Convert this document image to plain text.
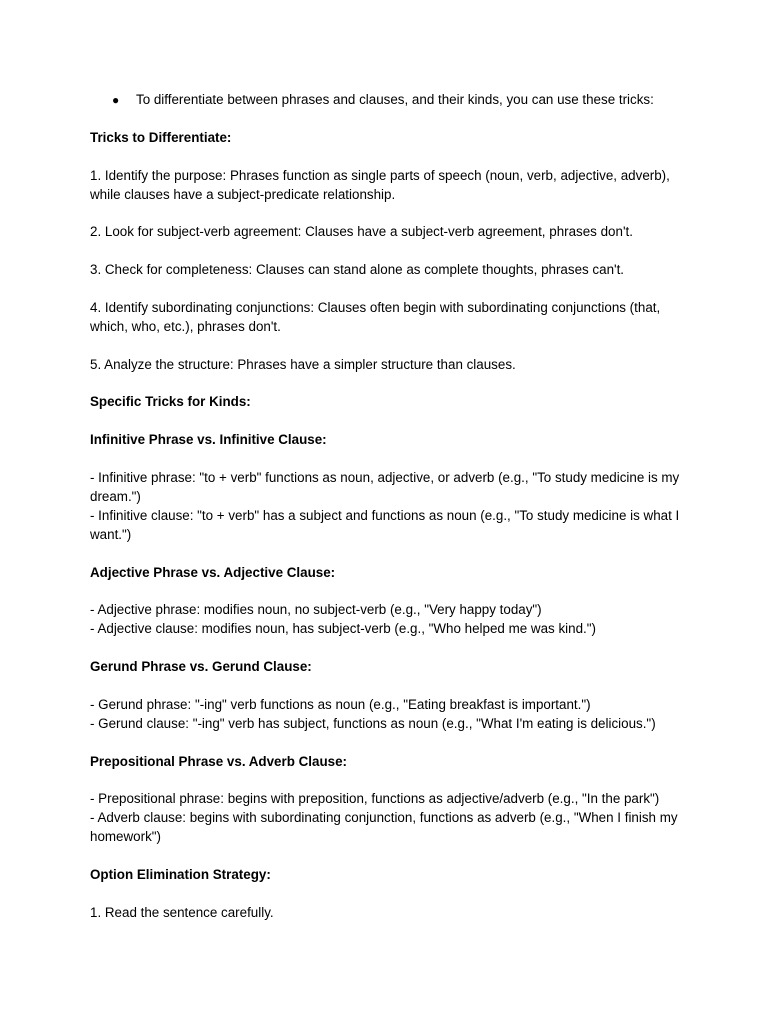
● To differentiate between phrases and clauses, and their kinds, you can use these tricks:

Tricks to Differentiate:

1. Identify the purpose: Phrases function as single parts of speech (noun, verb, adjective, adverb), while clauses have a subject-predicate relationship.

2. Look for subject-verb agreement: Clauses have a subject-verb agreement, phrases don't.

3. Check for completeness: Clauses can stand alone as complete thoughts, phrases can't.

4. Identify subordinating conjunctions: Clauses often begin with subordinating conjunctions (that, which, who, etc.), phrases don't.

5. Analyze the structure: Phrases have a simpler structure than clauses.

Specific Tricks for Kinds:

Infinitive Phrase vs. Infinitive Clause:

- Infinitive phrase: "to + verb" functions as noun, adjective, or adverb (e.g., "To study medicine is my dream.")

- Infinitive clause: "to + verb" has a subject and functions as noun (e.g., "To study medicine is what I want.")

Adjective Phrase vs. Adjective Clause:

- Adjective phrase: modifies noun, no subject-verb (e.g., "Very happy today")

- Adjective clause: modifies noun, has subject-verb (e.g., "Who helped me was kind.")

Gerund Phrase vs. Gerund Clause:

- Gerund phrase: "-ing" verb functions as noun (e.g., "Eating breakfast is important.")

- Gerund clause: "-ing" verb has subject, functions as noun (e.g., "What I'm eating is delicious.")

Prepositional Phrase vs. Adverb Clause:

- Prepositional phrase: begins with preposition, functions as adjective/adverb (e.g., "In the park")

- Adverb clause: begins with subordinating conjunction, functions as adverb (e.g., "When I finish my homework")

Option Elimination Strategy:

1. Read the sentence carefully.
